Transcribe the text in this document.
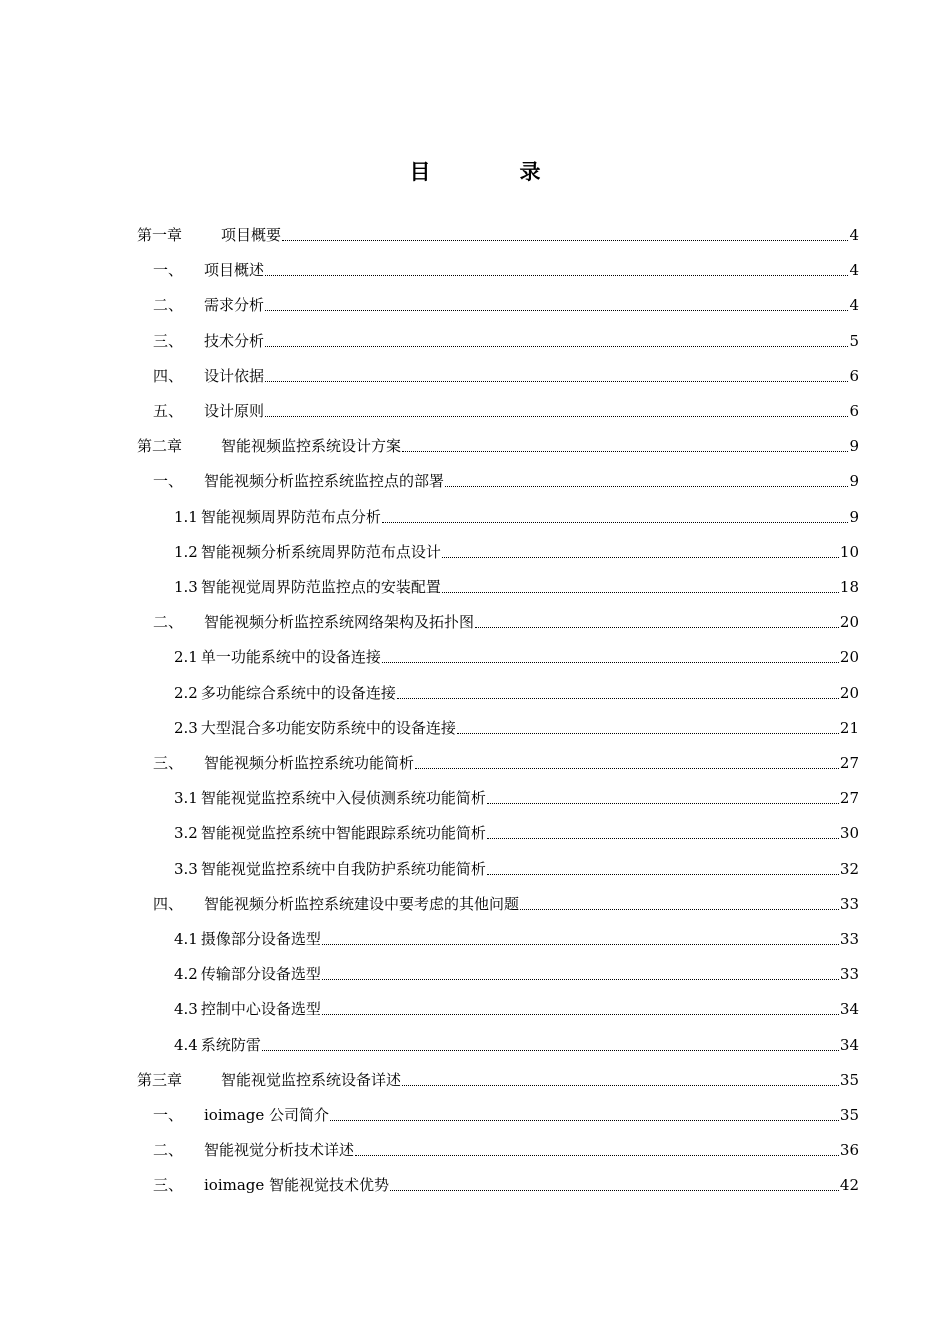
目　录
第一章	项目概要	4
一、	项目概述	4
二、	需求分析	4
三、	技术分析	5
四、	设计依据	6
五、	设计原则	6
第二章	智能视频监控系统设计方案	9
一、	智能视频分析监控系统监控点的部署	9
1.1 智能视频周界防范布点分析	9
1.2 智能视频分析系统周界防范布点设计	10
1.3 智能视觉周界防范监控点的安装配置	18
二、	智能视频分析监控系统网络架构及拓扑图	20
2.1 单一功能系统中的设备连接	20
2.2 多功能综合系统中的设备连接	20
2.3 大型混合多功能安防系统中的设备连接	21
三、	智能视频分析监控系统功能简析	27
3.1 智能视觉监控系统中入侵侦测系统功能简析	27
3.2 智能视觉监控系统中智能跟踪系统功能简析	30
3.3 智能视觉监控系统中自我防护系统功能简析	32
四、	智能视频分析监控系统建设中要考虑的其他问题	33
4.1 摄像部分设备选型	33
4.2 传输部分设备选型	33
4.3 控制中心设备选型	34
4.4 系统防雷	34
第三章	智能视觉监控系统设备详述	35
一、	ioimage 公司简介	35
二、	智能视觉分析技术详述	36
三、	ioimage 智能视觉技术优势	42
